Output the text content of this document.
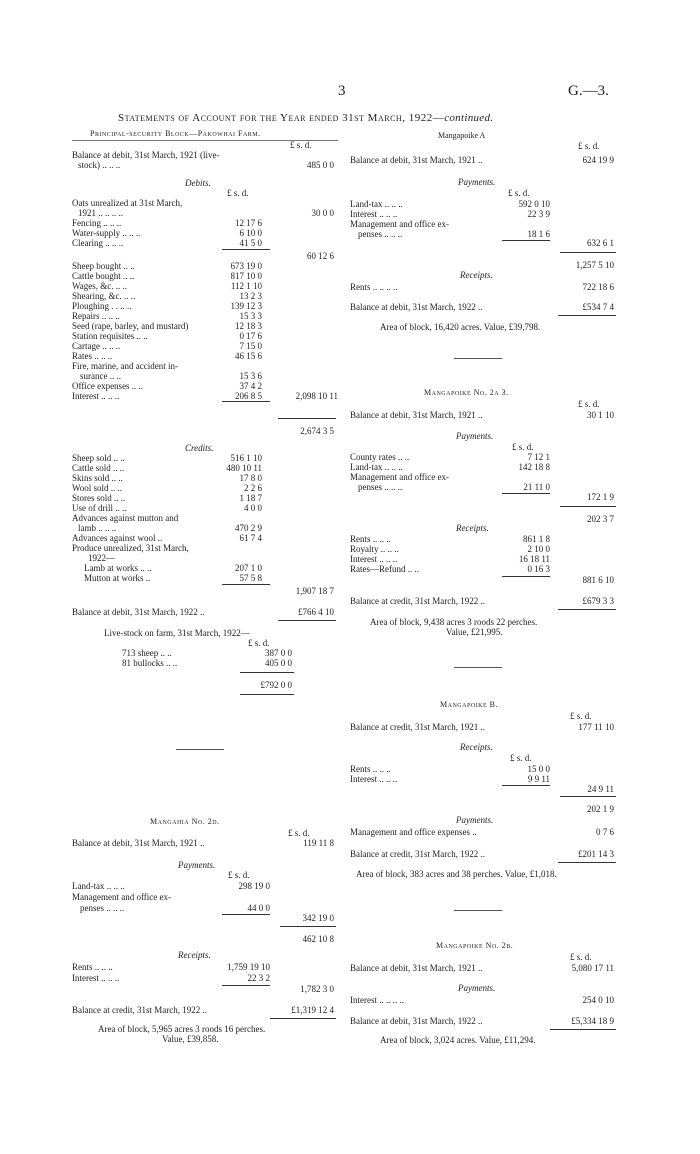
3	G.—3.
Statements of Account for the Year ended 31st March, 1922—continued.
Mangapoike A
Principal-security Block—Pakowhai Farm.
£ s. d.
Balance at debit, 31st March, 1921 (live-
stock) .. .. ..	485 0 0
Debits.
£ s. d.
Oats unrealized at 31st March,
1921 .. .. .. ..	30 0 0
Fencing .. .. ..	12 17 6
Water-supply .. .. ..	6 10 0
Clearing .. .. ..	41 5 0
60 12 6
Sheep bought .. ..	673 19 0
Cattle bought .. ..	817 10 0
Wages, &c. .. ..	112 1 10
Shearing, &c. .. ..	13 2 3
Ploughing . . .. ..	139 12 3
Repairs .. .. ..	15 3 3
Seed (rape, barley, and mustard)	12 18 3
Station requisites .. ..	0 17 6
Cartage .. .. ..	7 15 0
Rates .. .. ..	46 15 6
Fire, marine, and accident in-
surance .. ..	15 3 6
Office expenses .. ..	37 4 2
Interest .. .. ..	206 8 5	2,098 10 11
2,674 3 5
Credits.
Sheep sold .. ..	516 1 10
Cattle sold .. ..	480 10 11
Skins sold .. ..	17 8 0
Wool sold .. ..	2 2 6
Stores sold .. ..	1 18 7
Use of drill .. ..	4 0 0
Advances against mutton and
lamb .. .. ..	470 2 9
Advances against wool ..	61 7 4
Produce unrealized, 31st March,
1922—
Lamb at works .. ..	207 1 0
Mutton at works ..	57 5 8
1,907 18 7
Balance at debit, 31st March, 1922 ..	£766 4 10
Live-stock on farm, 31st March, 1922—
£ s. d.
713 sheep .. ..	387 0 0
81 bullocks .. ..	405 0 0
£792 0 0
Mangahia No. 2d.
£ s. d.
Balance at debit, 31st March, 1921 ..	119 11 8
Payments.
£ s. d.
Land-tax .. .. ..	298 19 0
Management and office ex-
penses .. .. ..	44 0 0
342 19 0
462 10 8
Receipts.
Rents .. .. ..	1,759 19 10
Interest .. .. ..	22 3 2
1,782 3 0
Balance at credit, 31st March, 1922 ..	£1,319 12 4
Area of block, 5,965 acres 3 roods 16 perches.
Value, £39,858.
£ s. d.
Balance at debit, 31st March, 1921 ..	624 19 9
Payments.
£ s. d.
Land-tax .. .. ..	592 0 10
Interest .. .. ..	22 3 9
Management and office ex-
penses .. .. ..	18 1 6
632 6 1
1,257 5 10
Receipts.
Rents .. .. .. ..	722 18 6
Balance at debit, 31st March, 1922 ..	£534 7 4
Area of block, 16,420 acres. Value, £39,798.
Mangapoike No. 2a 3.
£ s. d.
Balance at debit, 31st March, 1921 ..	30 1 10
Payments.
£ s. d.
County rates .. ..	7 12 1
Land-tax .. .. ..	142 18 8
Management and office ex-
penses .. .. ..	21 11 0
172 1 9
202 3 7
Receipts.
Rents .. .. ..	861 1 8
Royalty .. .. ..	2 10 0
Interest .. .. ..	16 18 11
Rates—Refund .. ..	0 16 3
881 6 10
Balance at credit, 31st March, 1922 ..	£679 3 3
Area of block, 9,438 acres 3 roods 22 perches.
Value, £21,995.
Mangapoike B.
£ s. d.
Balance at credit, 31st March, 1921 ..	177 11 10
Receipts.
£ s. d.
Rents .. .. ..	15 0 0
Interest .. .. ..	9 9 11
24 9 11
202 1 9
Payments.
Management and office expenses ..	0 7 6
Balance at credit, 31st March, 1922 ..	£201 14 3
Area of block, 383 acres and 38 perches. Value, £1,018.
Mangapoike No. 2b.
£ s. d.
Balance at debit, 31st March, 1921 ..	5,080 17 11
Payments.
Interest .. .. .. ..	254 0 10
Balance at debit, 31st March, 1922 ..	£5,334 18 9
Area of block, 3,024 acres. Value, £11,294.
